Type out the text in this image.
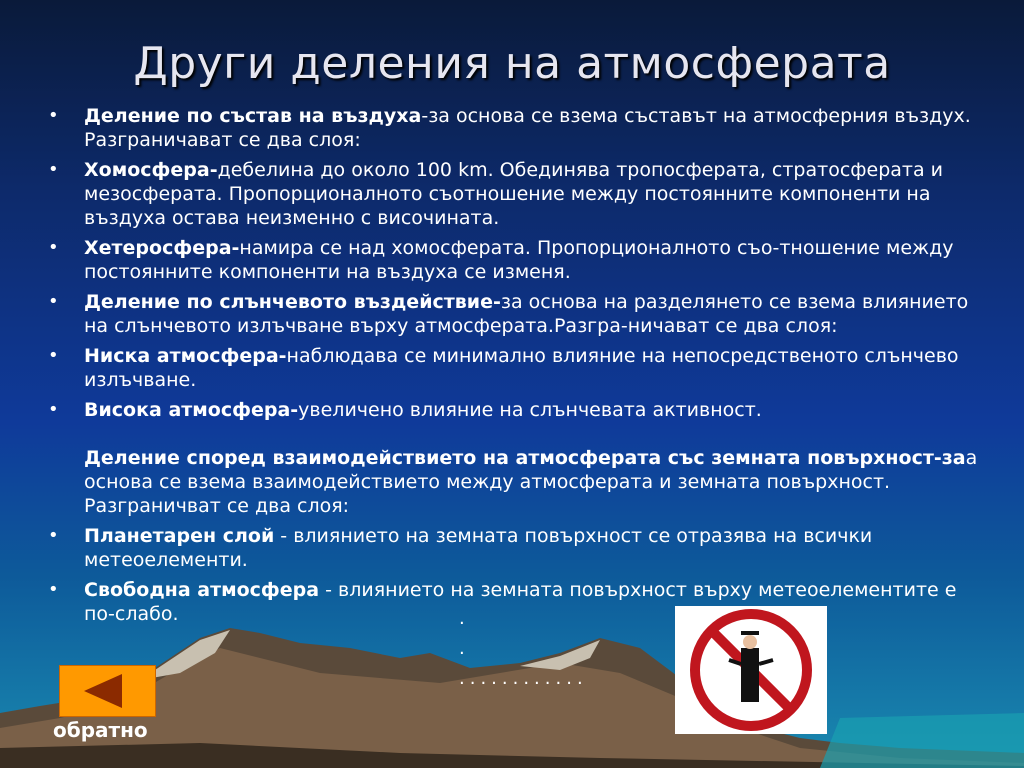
Други деления на атмосферата
• Деление по състав на въздуха-за основа се взема съставът на атмосферния въздух. Разграничават се два слоя:
• Хомосфера-дебелина до около 100 km. Обединява тропосферата, стратосферата и мезосферата. Пропорционалното съотношение между постоянните компоненти на въздуха остава неизменно с височината.
• Хетеросфера-намира се над хомосферата. Пропорционалното съо-тношение между постоянните компоненти на въздуха се изменя.
• Деление по слънчевото въздействие-за основа на разделянето се взема влиянието на слънчевото излъчване върху атмосферата.Разгра-ничават се два слоя:
• Ниска атмосфера-наблюдава се минимално влияние на непосредственото слънчево излъчване.
• Висока атмосфера-увеличено влияние на слънчевата активност.
Деление според взаимодействието на атмосферата със земната повърхност-заа основа се взема взаимодействието между атмосферата и земната повърхност. Разграничват се два слоя:
• Планетарен слой - влиянието на земната повърхност се отразява на всички метеоелементи.
• Свободна атмосфера - влиянието на земната повърхност върху метеоелементите е по-слабо.	.
.
............
обратно
